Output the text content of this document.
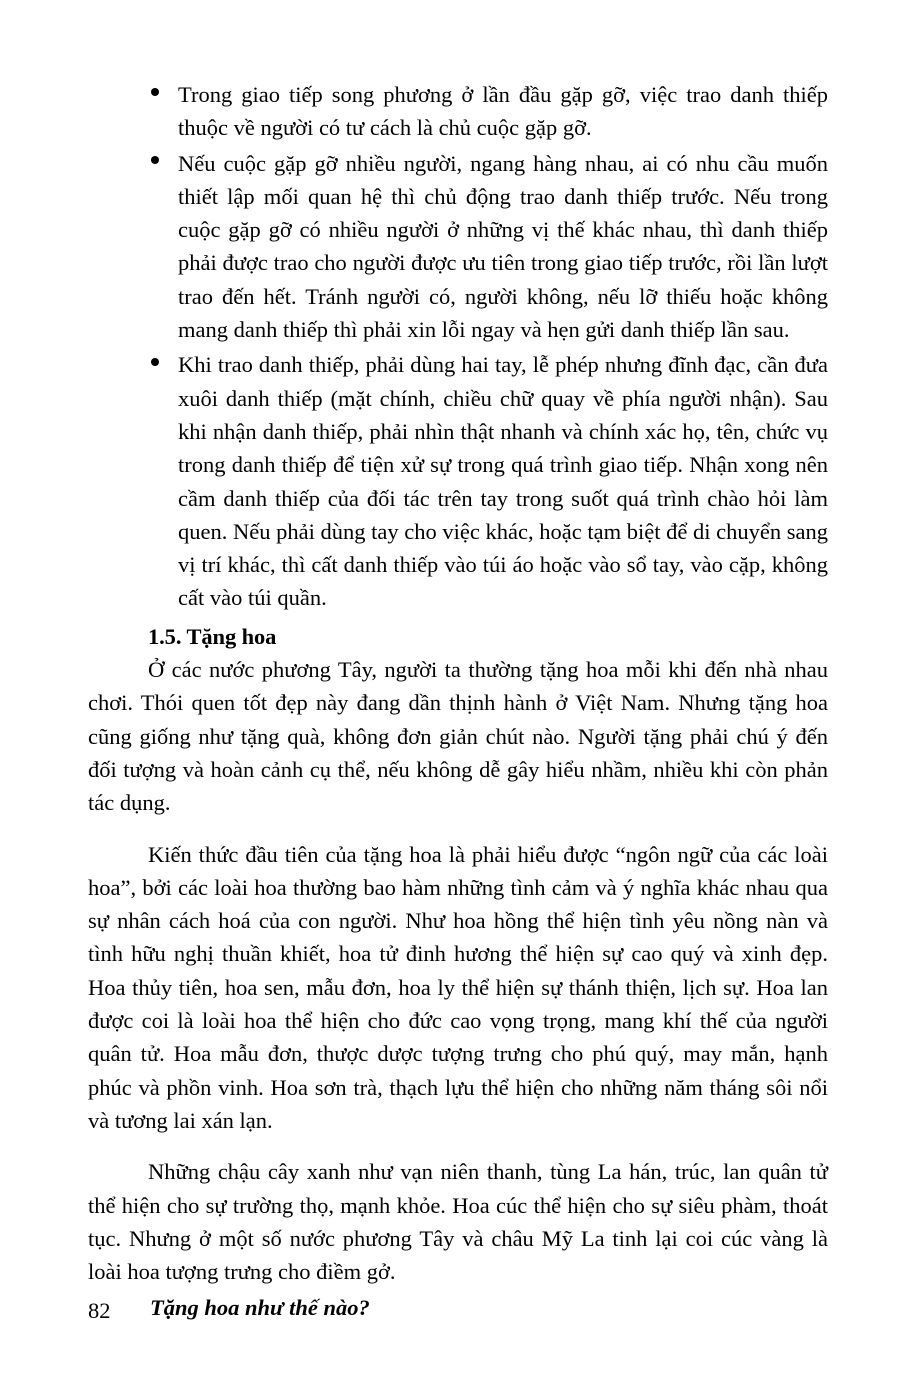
Trong giao tiếp song phương ở lần đầu gặp gỡ, việc trao danh thiếp thuộc về người có tư cách là chủ cuộc gặp gỡ.
Nếu cuộc gặp gỡ nhiều người, ngang hàng nhau, ai có nhu cầu muốn thiết lập mối quan hệ thì chủ động trao danh thiếp trước. Nếu trong cuộc gặp gỡ có nhiều người ở những vị thế khác nhau, thì danh thiếp phải được trao cho người được ưu tiên trong giao tiếp trước, rồi lần lượt trao đến hết. Tránh người có, người không, nếu lỡ thiếu hoặc không mang danh thiếp thì phải xin lỗi ngay và hẹn gửi danh thiếp lần sau.
Khi trao danh thiếp, phải dùng hai tay, lễ phép nhưng đĩnh đạc, cần đưa xuôi danh thiếp (mặt chính, chiều chữ quay về phía người nhận). Sau khi nhận danh thiếp, phải nhìn thật nhanh và chính xác họ, tên, chức vụ trong danh thiếp để tiện xử sự trong quá trình giao tiếp. Nhận xong nên cầm danh thiếp của đối tác trên tay trong suốt quá trình chào hỏi làm quen. Nếu phải dùng tay cho việc khác, hoặc tạm biệt để di chuyển sang vị trí khác, thì cất danh thiếp vào túi áo hoặc vào sổ tay, vào cặp, không cất vào túi quần.
1.5. Tặng hoa

Ở các nước phương Tây, người ta thường tặng hoa mỗi khi đến nhà nhau chơi. Thói quen tốt đẹp này đang dần thịnh hành ở Việt Nam. Nhưng tặng hoa cũng giống như tặng quà, không đơn giản chút nào. Người tặng phải chú ý đến đối tượng và hoàn cảnh cụ thể, nếu không dễ gây hiểu nhầm, nhiều khi còn phản tác dụng.

Kiến thức đầu tiên của tặng hoa là phải hiểu được “ngôn ngữ của các loài hoa”, bởi các loài hoa thường bao hàm những tình cảm và ý nghĩa khác nhau qua sự nhân cách hoá của con người. Như hoa hồng thể hiện tình yêu nồng nàn và tình hữu nghị thuần khiết, hoa tử đinh hương thể hiện sự cao quý và xinh đẹp. Hoa thủy tiên, hoa sen, mẫu đơn, hoa ly thể hiện sự thánh thiện, lịch sự. Hoa lan được coi là loài hoa thể hiện cho đức cao vọng trọng, mang khí thế của người quân tử. Hoa mẫu đơn, thược dược tượng trưng cho phú quý, may mắn, hạnh phúc và phồn vinh. Hoa sơn trà, thạch lựu thể hiện cho những năm tháng sôi nổi và tương lai xán lạn.

Những chậu cây xanh như vạn niên thanh, tùng La hán, trúc, lan quân tử thể hiện cho sự trường thọ, mạnh khỏe. Hoa cúc thể hiện cho sự siêu phàm, thoát tục. Nhưng ở một số nước phương Tây và châu Mỹ La tinh lại coi cúc vàng là loài hoa tượng trưng cho điềm gở.

Tặng hoa như thế nào?
82
